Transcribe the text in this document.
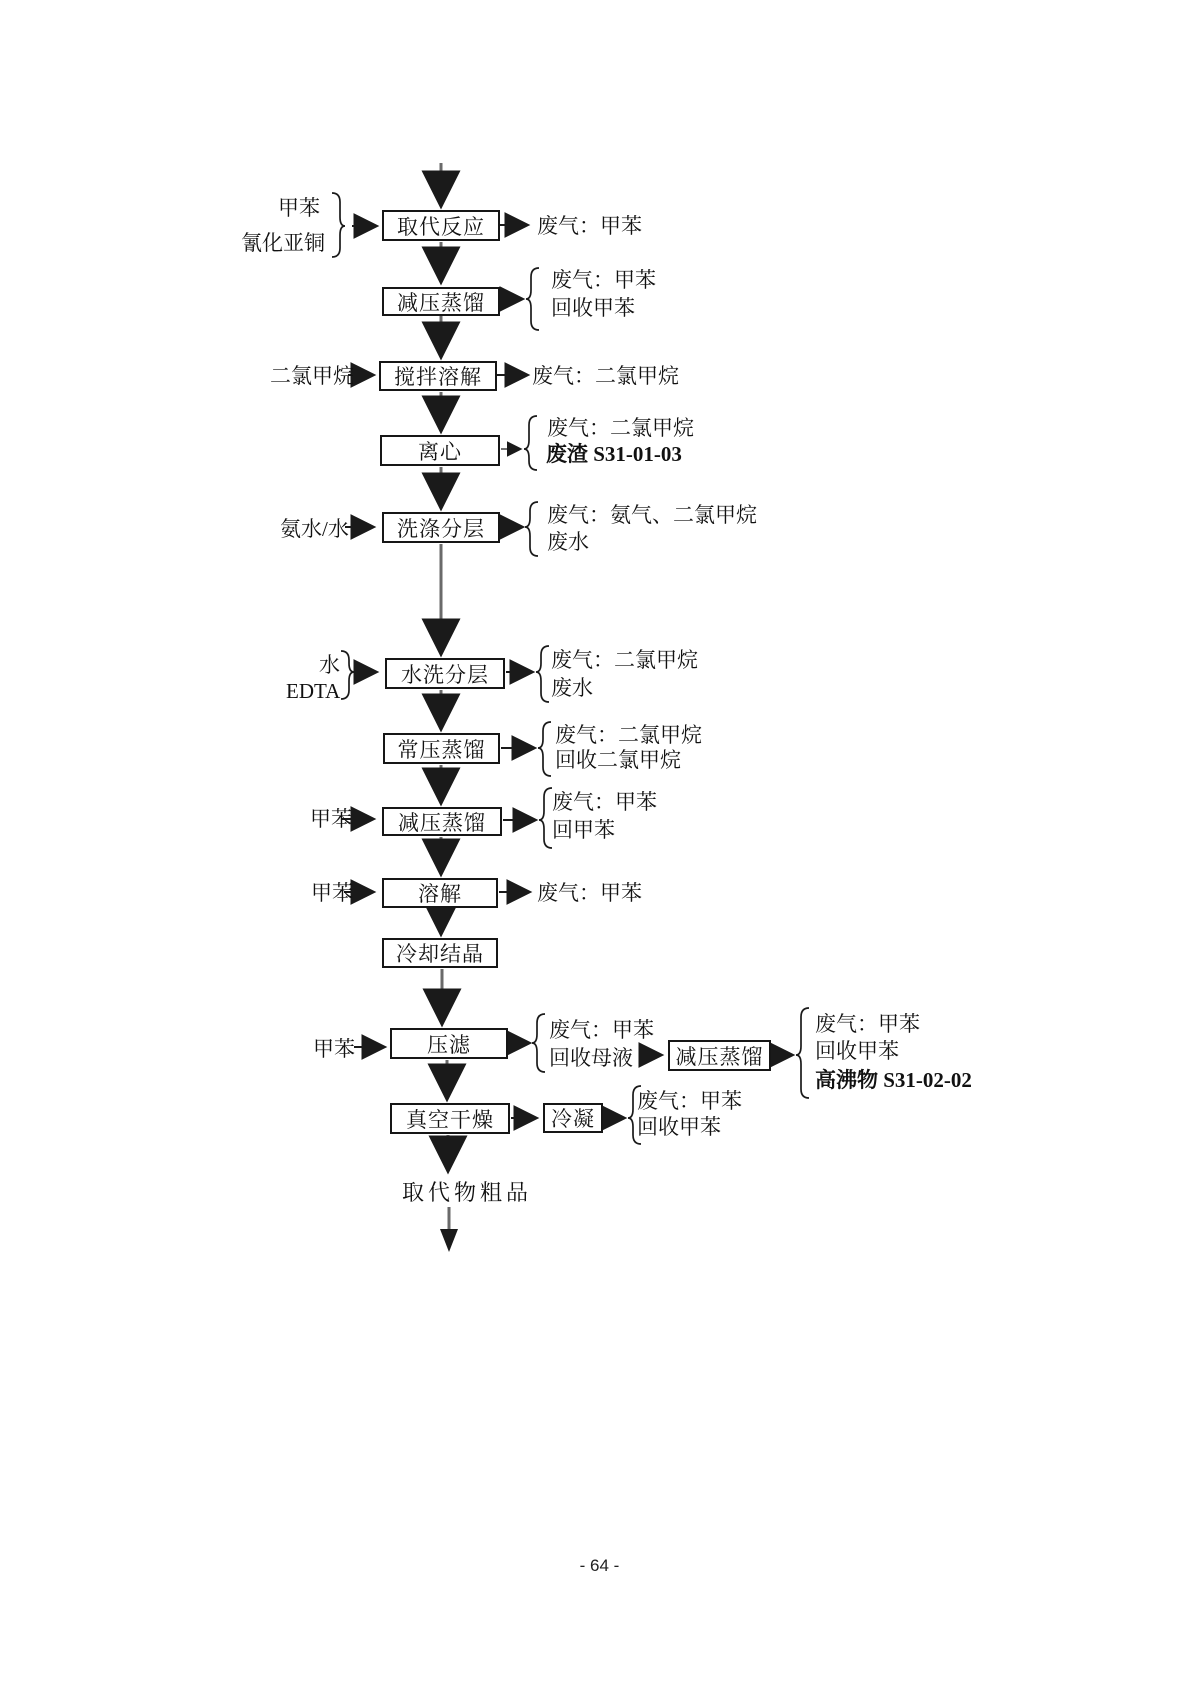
取代反应
减压蒸馏
搅拌溶解
离心
洗涤分层
水洗分层
常压蒸馏
减压蒸馏
溶解
冷却结晶
压滤
真空干燥	冷凝
减压蒸馏
甲苯
氰化亚铜
二氯甲烷
氨水/水
水
EDTA
甲苯
甲苯
甲苯
废气：甲苯
废气：甲苯
回收甲苯
废气：二氯甲烷
废气：二氯甲烷
废渣 S31-01-03
废气：氨气、二氯甲烷
废水
废气：二氯甲烷
废水
废气：二氯甲烷
回收二氯甲烷
废气：甲苯
回甲苯
废气：甲苯
废气：甲苯
回收母液
废气：甲苯
回收甲苯
高沸物 S31-02-02
废气：甲苯
回收甲苯
取代物粗品
- 64 -
